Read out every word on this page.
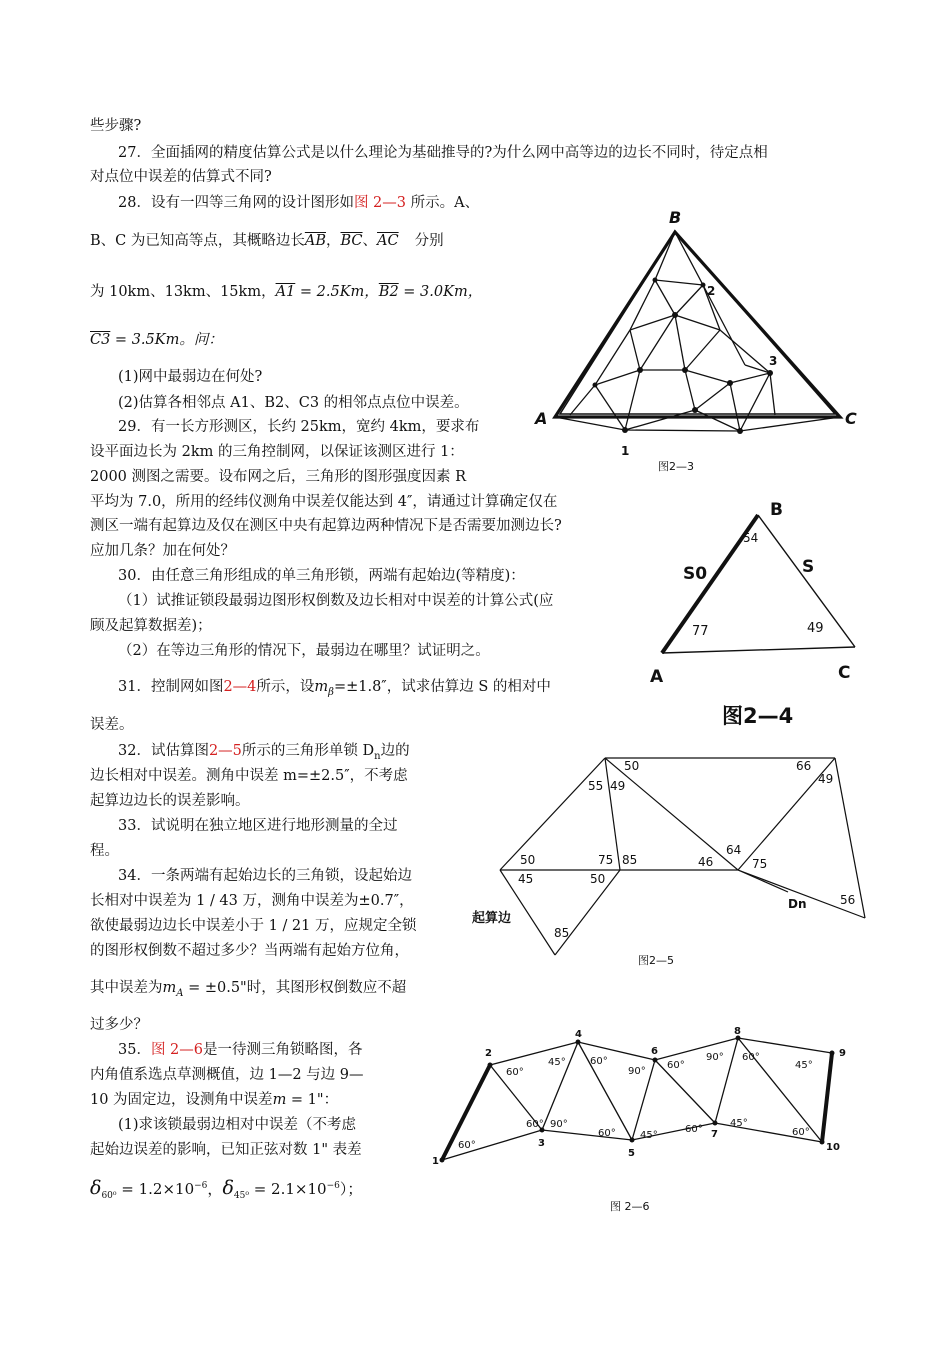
些步骤?
27．全面插网的精度估算公式是以什么理论为基础推导的?为什么网中高等边的边长不同时，待定点相
对点位中误差的估算式不同?
28．设有一四等三角网的设计图形如图 2—3 所示。A、
B、C 为已知高等点，其概略边长$\overline{AB}$，$\overline{BC}$、$\overline{AC}$ 分别
为 10km、13km、15km，A1 = 2.5Km，B2 = 3.0Km，
C3 = 3.5Km。问：
(1)网中最弱边在何处?
(2)估算各相邻点 A1、B2、C3 的相邻点点位中误差。
29．有一长方形测区，长约 25km，宽约 4km，要求布
设平面边长为 2km 的三角控制网，以保证该测区进行 1：
2000 测图之需要。设布网之后，三角形的图形强度因素 R
平均为 7.0，所用的经纬仪测角中误差仅能达到 4″，请通过计算确定仅在
测区一端有起算边及仅在测区中央有起算边两种情况下是否需要加测边长?
应加几条？加在何处？
30．由任意三角形组成的单三角形锁，两端有起始边(等精度)：
（1）试推证锁段最弱边图形权倒数及边长相对中误差的计算公式(应
顾及起算数据差)；
（2）在等边三角形的情况下，最弱边在哪里？试证明之。
31．控制网如图2—4所示，设$m_\beta=\pm 1.8''$，试求估算边 S 的相对中
误差。
32．试估算图2—5所示的三角形单锁 $D_n$边的
边长相对中误差。测角中误差 m=±2.5″，不考虑
起算边边长的误差影响。
33．试说明在独立地区进行地形测量的全过
程。
34．一条两端有起始边长的三角锁，设起始边
长相对中误差为 1 / 43 万，测角中误差为±0.7″，
欲使最弱边边长中误差小于 1 / 21 万，应规定全锁
的图形权倒数不超过多少？当两端有起始方位角，
其中误差为$m_A = \pm 0.5$"时，其图形权倒数应不超
过多少？
35．图 2—6是一待测三角锁略图，各
内角值系选点草测概值，边 1—2 与边 9—
10 为固定边，设测角中误差m = 1"：
(1)求该锁最弱边相对中误差（不考虑
起始边误差的影响，已知正弦对数 1" 表差
$\delta_{60^0} = 1.2\times 10^{-6}$，$\delta_{45^0} = 2.1\times 10^{-6}$）；
B
A	C
1
2
3
图2—3
B
A	C
S0	S
54
77	49
图2—4
50
55 49
66
49
64
75
46
75 85
50
50
45
85
56
Dn
起算边
图2—5
1
2
3
4
5
6
7
8
9
10
60°
60°
60°
45°
90°
60°
60°
90°
45°
60°
60°
90°
45°
60°
60°
45°
图 2—6
